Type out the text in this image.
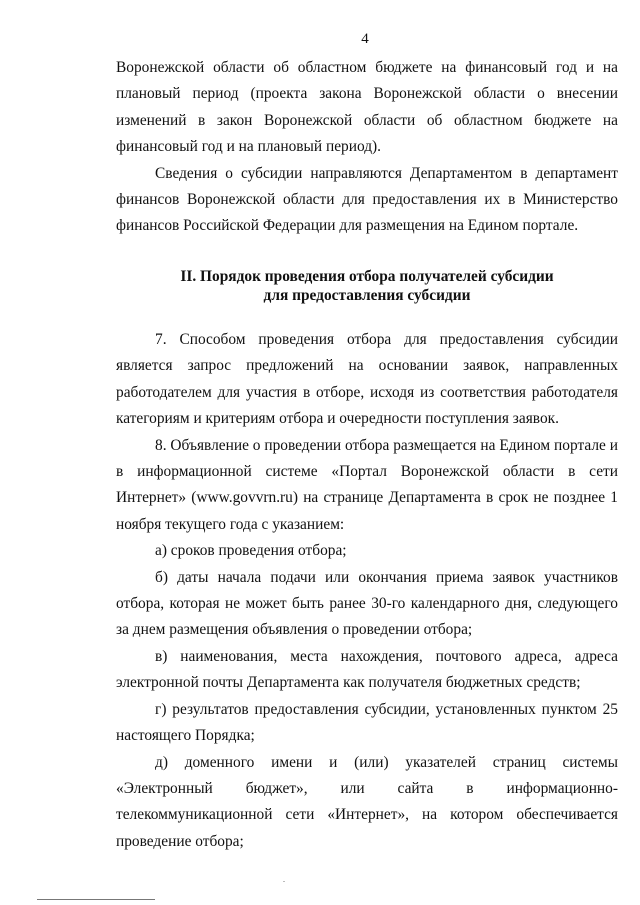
4

Воронежской области об областном бюджете на финансовый год и на плановый период (проекта закона Воронежской области о внесении изменений в закон Воронежской области об областном бюджете на финансовый год и на плановый период).

Сведения о субсидии направляются Департаментом в департамент финансов Воронежской области для предоставления их в Министерство финансов Российской Федерации для размещения на Едином портале.

II. Порядок проведения отбора получателей субсидии
для предоставления субсидии

7. Способом проведения отбора для предоставления субсидии является запрос предложений на основании заявок, направленных работодателем для участия в отборе, исходя из соответствия работодателя категориям и критериям отбора и очередности поступления заявок.

8. Объявление о проведении отбора размещается на Едином портале и в информационной системе «Портал Воронежской области в сети Интернет» (www.govvrn.ru) на странице Департамента в срок не позднее 1 ноября текущего года с указанием:

а) сроков проведения отбора;

б) даты начала подачи или окончания приема заявок участников отбора, которая не может быть ранее 30-го календарного дня, следующего за днем размещения объявления о проведении отбора;

в) наименования, места нахождения, почтового адреса, адреса электронной почты Департамента как получателя бюджетных средств;

г) результатов предоставления субсидии, установленных пунктом 25 настоящего Порядка;

д) доменного имени и (или) указателей страниц системы «Электронный бюджет», или сайта в информационно-телекоммуникационной сети «Интернет», на котором обеспечивается проведение отбора;
